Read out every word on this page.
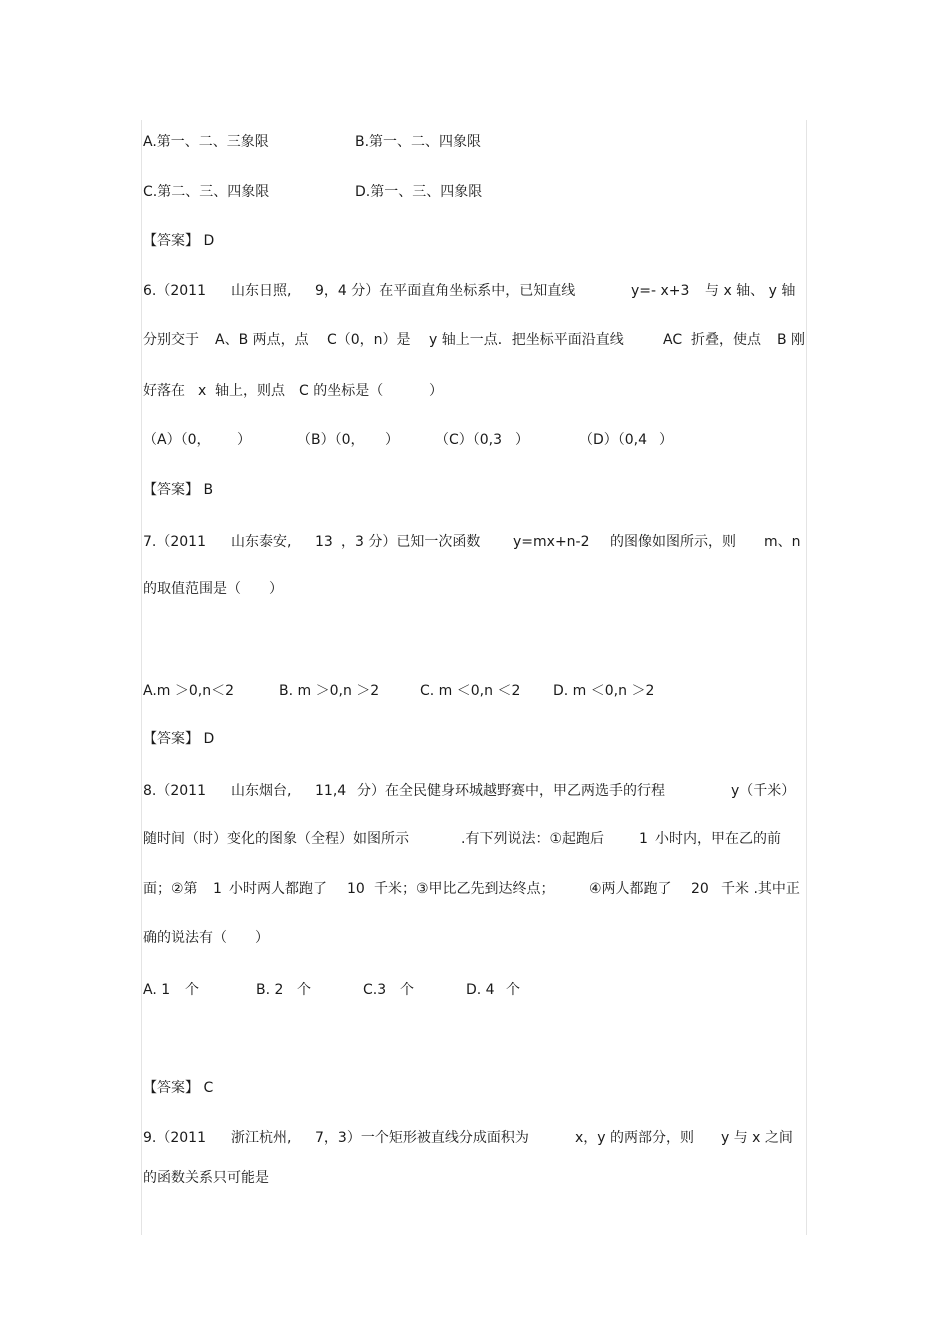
A.第一、二、三象限	B.第一、二、四象限
C.第二、三、四象限	D.第一、三、四象限
【答案】 D
6.（2011 山东日照, 9，4 分）在平面直角坐标系中，已知直线	y=- x+3 与 x 轴、 y 轴
分别交于 A、B 两点，点 C（0，n）是 y 轴上一点．把坐标平面沿直线	AC 折叠，使点 B 刚
好落在 x 轴上，则点 C 的坐标是（	）
（A）（0， ）	（B）（0， ）	（C）（0,3 ）	（D）（0,4 ）
【答案】 B
7.（2011 山东泰安, 13 ，3 分）已知一次函数 y=mx+n-2 的图像如图所示，则 m、n
的取值范围是（　　）
A.m ＞0,n＜2	B. m ＞0,n ＞2	C. m ＜0,n ＜2 D. m ＜0,n ＞2
【答案】 D
8.（2011 山东烟台, 11,4 分）在全民健身环城越野赛中，甲乙两选手的行程	y（千米）
随时间（时）变化的图象（全程）如图所示	.有下列说法：①起跑后 1 小时内，甲在乙的前
面；②第 1 小时两人都跑了 10 千米；③甲比乙先到达终点； ④两人都跑了 20 千米 .其中正
确的说法有（　　）
A. 1 个	B. 2 个	C.3 个	D. 4 个
【答案】 C
9.（2011 浙江杭州, 7，3）一个矩形被直线分成面积为	x，y 的两部分，则 y 与 x 之间
的函数关系只可能是
